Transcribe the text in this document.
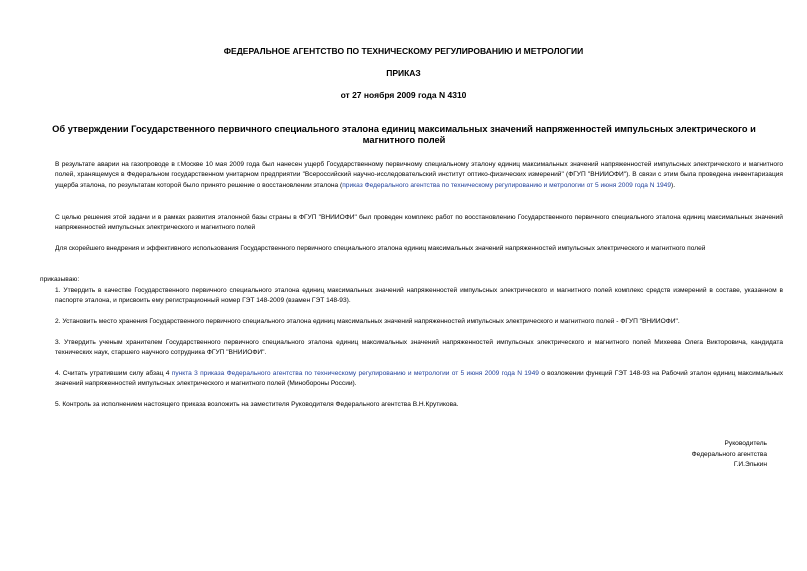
ФЕДЕРАЛЬНОЕ АГЕНТСТВО ПО ТЕХНИЧЕСКОМУ РЕГУЛИРОВАНИЮ И МЕТРОЛОГИИ
ПРИКАЗ
от 27 ноября 2009 года N 4310
Об утверждении Государственного первичного специального эталона единиц максимальных значений напряженностей импульсных электрического и магнитного полей
В результате аварии на газопроводе в г.Москве 10 мая 2009 года был нанесен ущерб Государственному первичному специальному эталону единиц максимальных значений напряженностей импульсных электрического и магнитного полей, хранящемуся в Федеральном государственном унитарном предприятии "Всероссийский научно-исследовательский институт оптико-физических измерений" (ФГУП "ВНИИОФИ"). В связи с этим была проведена инвентаризация ущерба эталона, по результатам которой было принято решение о восстановлении эталона (приказ Федерального агентства по техническому регулированию и метрологии от 5 июня 2009 года N 1949).
С целью решения этой задачи и в рамках развития эталонной базы страны в ФГУП "ВНИИОФИ" был проведен комплекс работ по восстановлению Государственного первичного специального эталона единиц максимальных значений напряженностей импульсных электрического и магнитного полей
Для скорейшего внедрения и эффективного использования Государственного первичного специального эталона единиц максимальных значений напряженностей импульсных электрического и магнитного полей
приказываю:
1. Утвердить в качестве Государственного первичного специального эталона единиц максимальных значений напряженностей импульсных электрического и магнитного полей комплекс средств измерений в составе, указанном в паспорте эталона, и присвоить ему регистрационный номер ГЭТ 148-2009 (взамен ГЭТ 148-93).
2. Установить место хранения Государственного первичного специального эталона единиц максимальных значений напряженностей импульсных электрического и магнитного полей - ФГУП "ВНИИОФИ".
3. Утвердить ученым хранителем Государственного первичного специального эталона единиц максимальных значений напряженностей импульсных электрического и магнитного полей Михеева Олега Викторовича, кандидата технических наук, старшего научного сотрудника ФГУП "ВНИИОФИ".
4. Считать утратившим силу абзац 4 пункта 3 приказа Федерального агентства по техническому регулированию и метрологии от 5 июня 2009 года N 1949 о возложении функций ГЭТ 148-93 на Рабочий эталон единиц максимальных значений напряженностей импульсных электрического и магнитного полей (Минобороны России).
5. Контроль за исполнением настоящего приказа возложить на заместителя Руководителя Федерального агентства В.Н.Крутикова.
Руководитель
Федерального агентства
Г.И.Элькин
